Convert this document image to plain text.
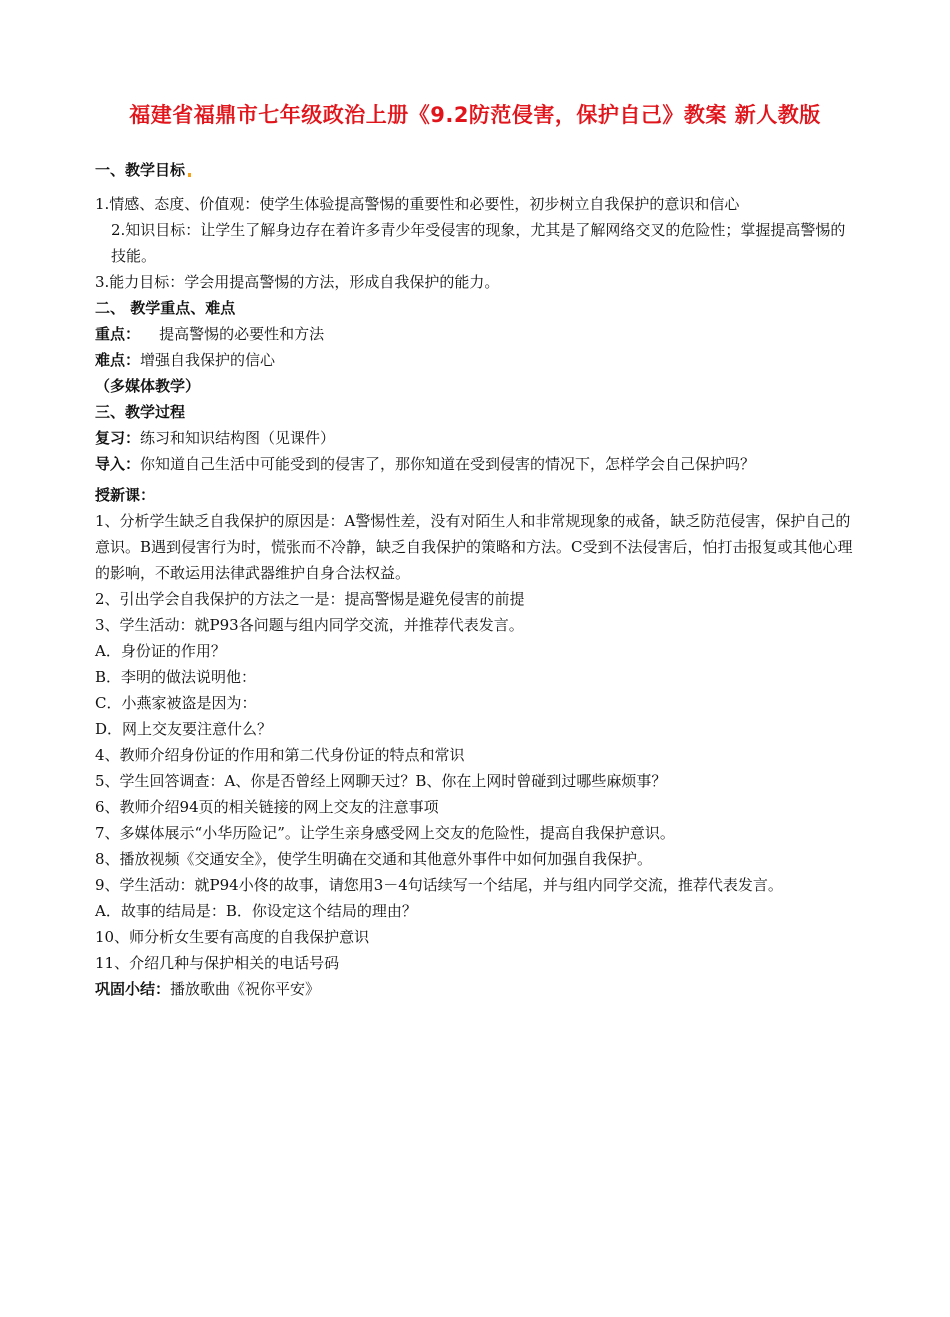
福建省福鼎市七年级政治上册《9.2防范侵害，保护自己》教案 新人教版
一、教学目标
1.情感、态度、价值观：使学生体验提高警惕的重要性和必要性，初步树立自我保护的意识和信心
2.知识目标：让学生了解身边存在着许多青少年受侵害的现象，尤其是了解网络交叉的危险性；掌握提高警惕的技能。
3.能力目标：学会用提高警惕的方法，形成自我保护的能力。
二、 教学重点、难点
重点： 提高警惕的必要性和方法
难点：增强自我保护的信心
（多媒体教学）
三、教学过程
复习：练习和知识结构图（见课件）
导入：你知道自己生活中可能受到的侵害了，那你知道在受到侵害的情况下，怎样学会自己保护吗？
授新课：
1、分析学生缺乏自我保护的原因是：A警惕性差，没有对陌生人和非常规现象的戒备，缺乏防范侵害，保护自己的意识。B遇到侵害行为时，慌张而不冷静，缺乏自我保护的策略和方法。C受到不法侵害后，怕打击报复或其他心理的影响，不敢运用法律武器维护自身合法权益。
2、引出学会自我保护的方法之一是：提高警惕是避免侵害的前提
3、学生活动：就P93各问题与组内同学交流，并推荐代表发言。
A．身份证的作用？
B．李明的做法说明他：
C．小燕家被盗是因为：
D．网上交友要注意什么？
4、教师介绍身份证的作用和第二代身份证的特点和常识
5、学生回答调查：A、你是否曾经上网聊天过？B、你在上网时曾碰到过哪些麻烦事？
6、教师介绍94页的相关链接的网上交友的注意事项
7、多媒体展示“小华历险记”。让学生亲身感受网上交友的危险性，提高自我保护意识。
8、播放视频《交通安全》，使学生明确在交通和其他意外事件中如何加强自我保护。
9、学生活动：就P94小佟的故事，请您用3－4句话续写一个结尾，并与组内同学交流，推荐代表发言。
A．故事的结局是：B．你设定这个结局的理由？
10、师分析女生要有高度的自我保护意识
11、介绍几种与保护相关的电话号码
巩固小结：播放歌曲《祝你平安》
